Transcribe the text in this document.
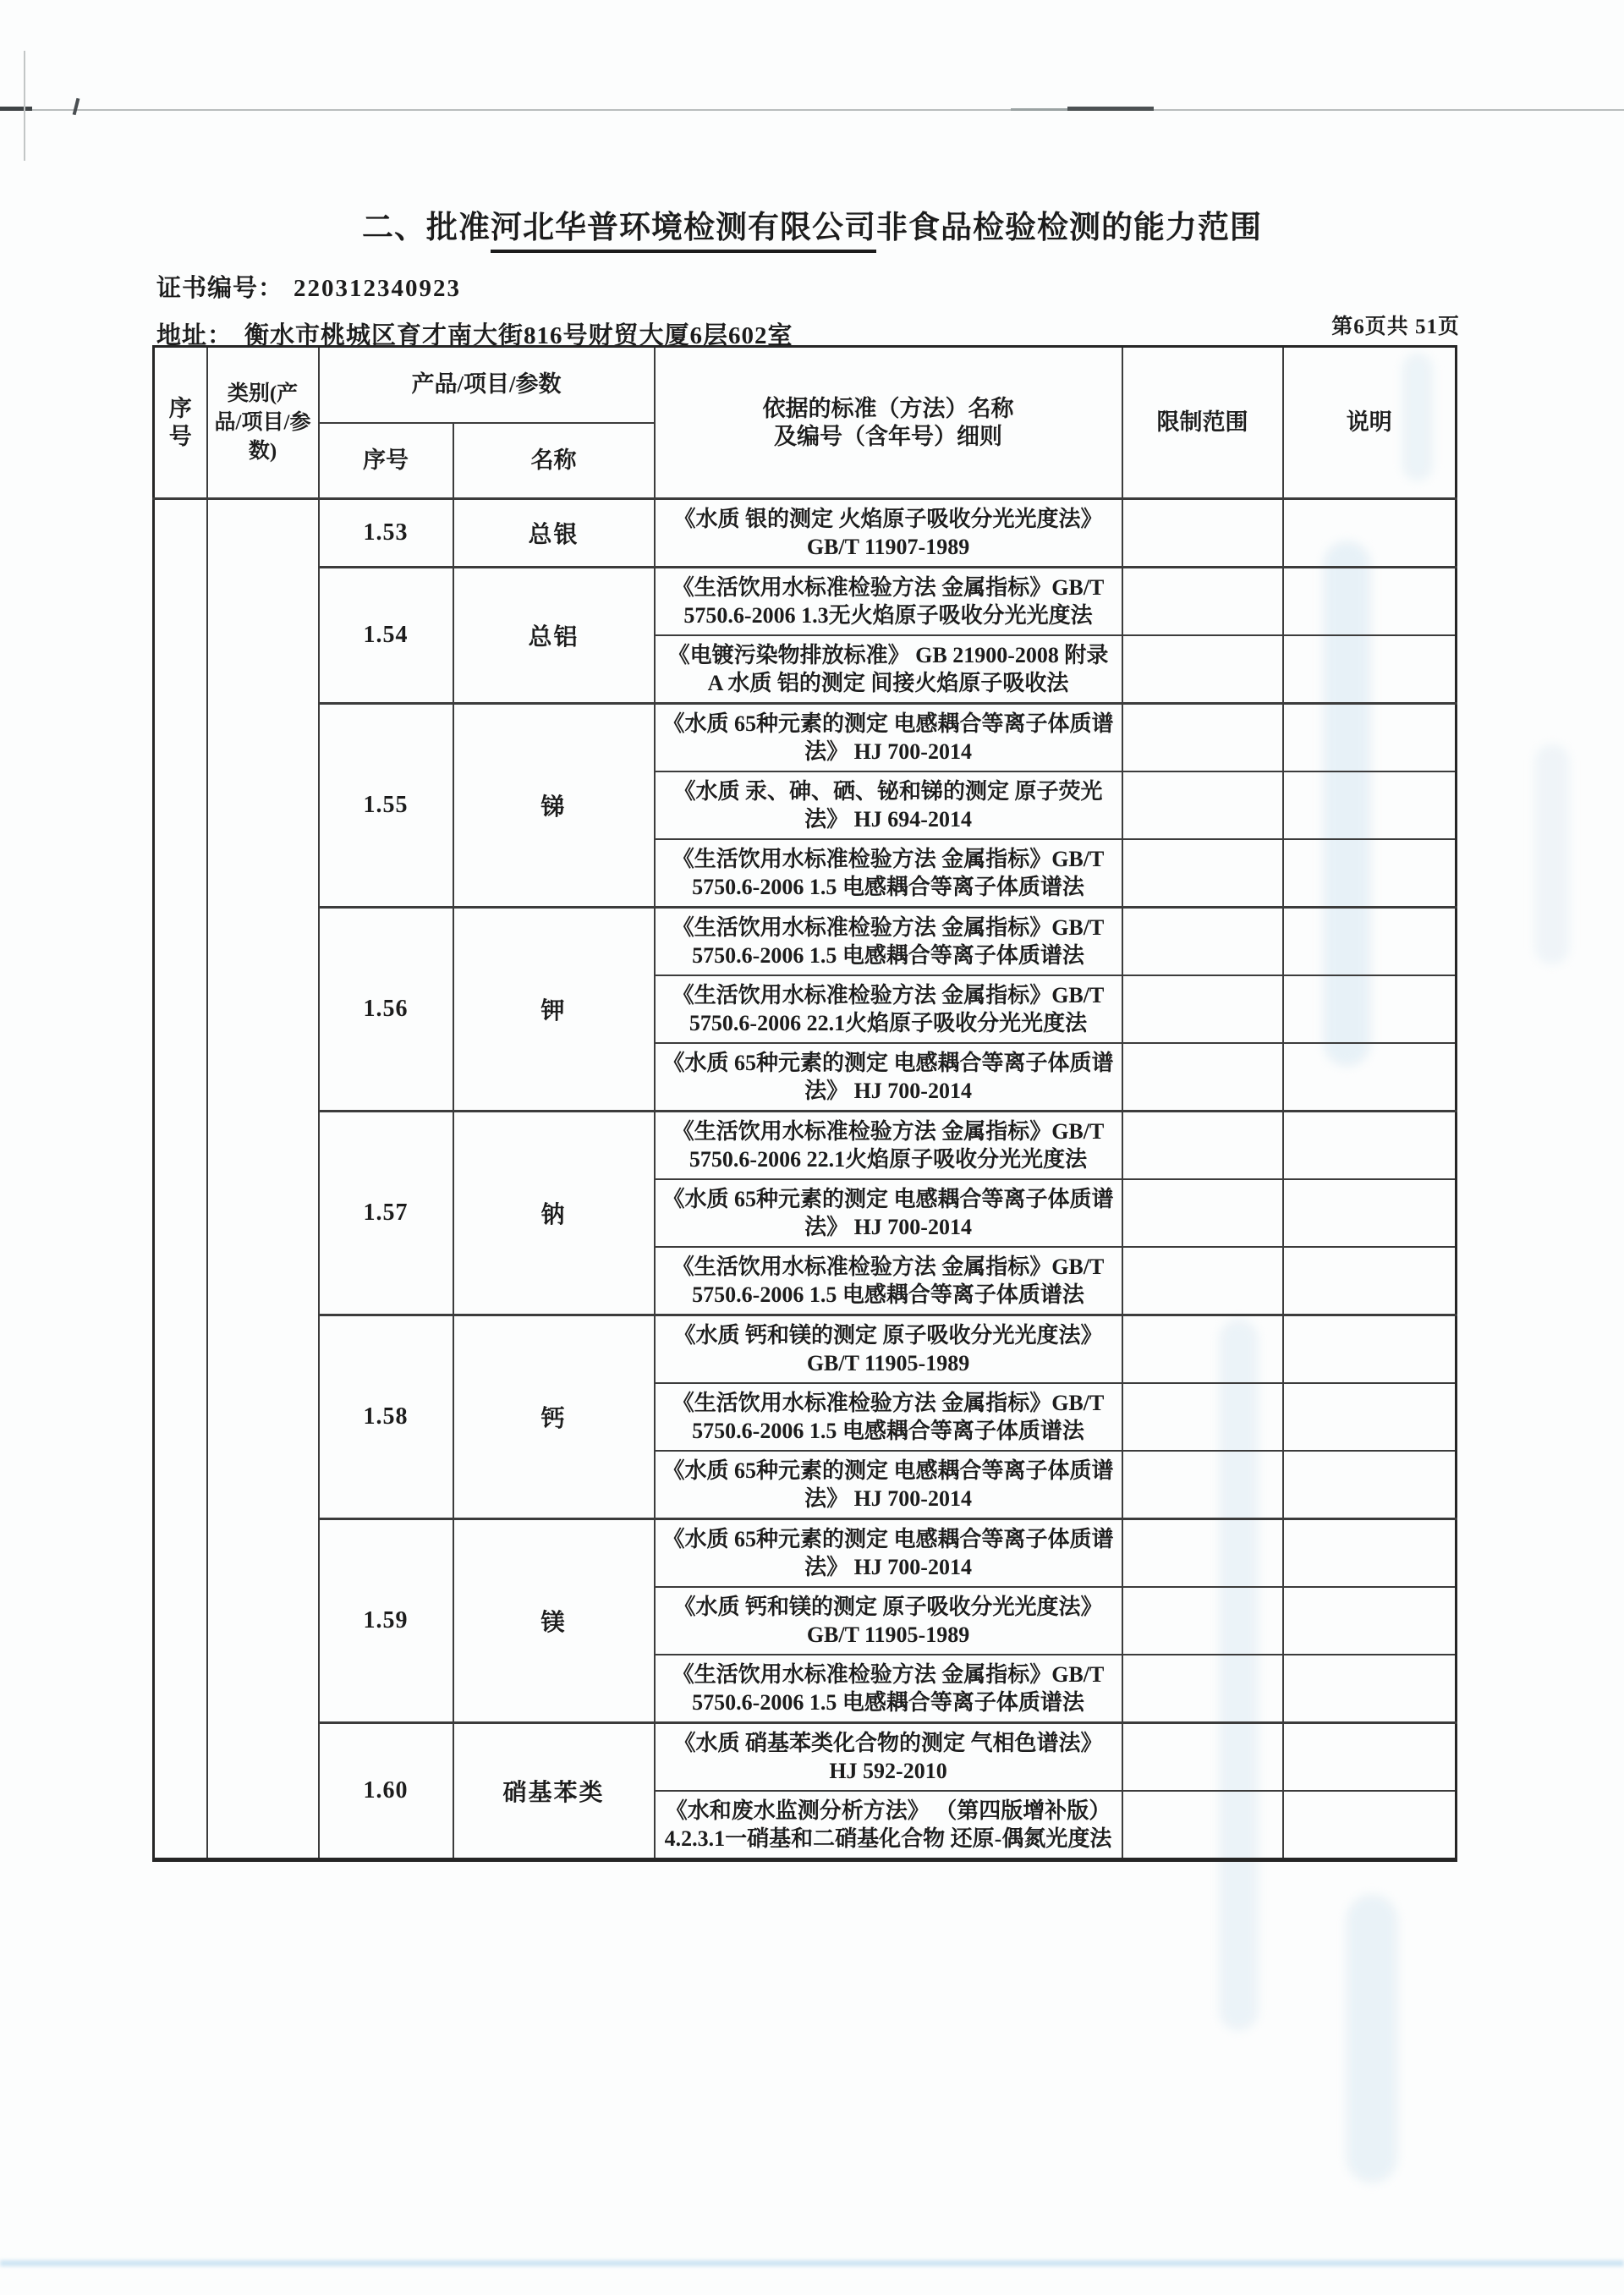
二、批准河北华普环境检测有限公司非食品检验检测的能力范围
证书编号： 220312340923
地址： 衡水市桃城区育才南大街816号财贸大厦6层602室	第6页共 51页
序号	类别(产品/项目/参数)	产品/项目/参数		依据的标准（方法）名称
及编号（含年号）细则	限制范围	说明
		序号	名称			
		1.53	总银	《水质 银的测定 火焰原子吸收分光光度法》 GB/T 11907-1989		
		1.54	总铝	《生活饮用水标准检验方法 金属指标》GB/T 5750.6-2006 1.3无火焰原子吸收分光光度法		
				《电镀污染物排放标准》 GB 21900-2008 附录A 水质 铝的测定 间接火焰原子吸收法		
		1.55	锑	《水质 65种元素的测定 电感耦合等离子体质谱法》 HJ 700-2014		
				《水质 汞、砷、硒、铋和锑的测定 原子荧光法》 HJ 694-2014		
				《生活饮用水标准检验方法 金属指标》GB/T 5750.6-2006 1.5 电感耦合等离子体质谱法		
		1.56	钾	《生活饮用水标准检验方法 金属指标》GB/T 5750.6-2006 1.5 电感耦合等离子体质谱法		
				《生活饮用水标准检验方法 金属指标》GB/T 5750.6-2006 22.1火焰原子吸收分光光度法		
				《水质 65种元素的测定 电感耦合等离子体质谱法》 HJ 700-2014		
		1.57	钠	《生活饮用水标准检验方法 金属指标》GB/T 5750.6-2006 22.1火焰原子吸收分光光度法		
				《水质 65种元素的测定 电感耦合等离子体质谱法》 HJ 700-2014		
				《生活饮用水标准检验方法 金属指标》GB/T 5750.6-2006 1.5 电感耦合等离子体质谱法		
		1.58	钙	《水质 钙和镁的测定 原子吸收分光光度法》 GB/T 11905-1989		
				《生活饮用水标准检验方法 金属指标》GB/T 5750.6-2006 1.5 电感耦合等离子体质谱法		
				《水质 65种元素的测定 电感耦合等离子体质谱法》 HJ 700-2014		
		1.59	镁	《水质 65种元素的测定 电感耦合等离子体质谱法》 HJ 700-2014		
				《水质 钙和镁的测定 原子吸收分光光度法》 GB/T 11905-1989		
				《生活饮用水标准检验方法 金属指标》GB/T 5750.6-2006 1.5 电感耦合等离子体质谱法		
		1.60	硝基苯类	《水质 硝基苯类化合物的测定 气相色谱法》 HJ 592-2010		
				《水和废水监测分析方法》 （第四版增补版） 4.2.3.1一硝基和二硝基化合物 还原-偶氮光度法		
